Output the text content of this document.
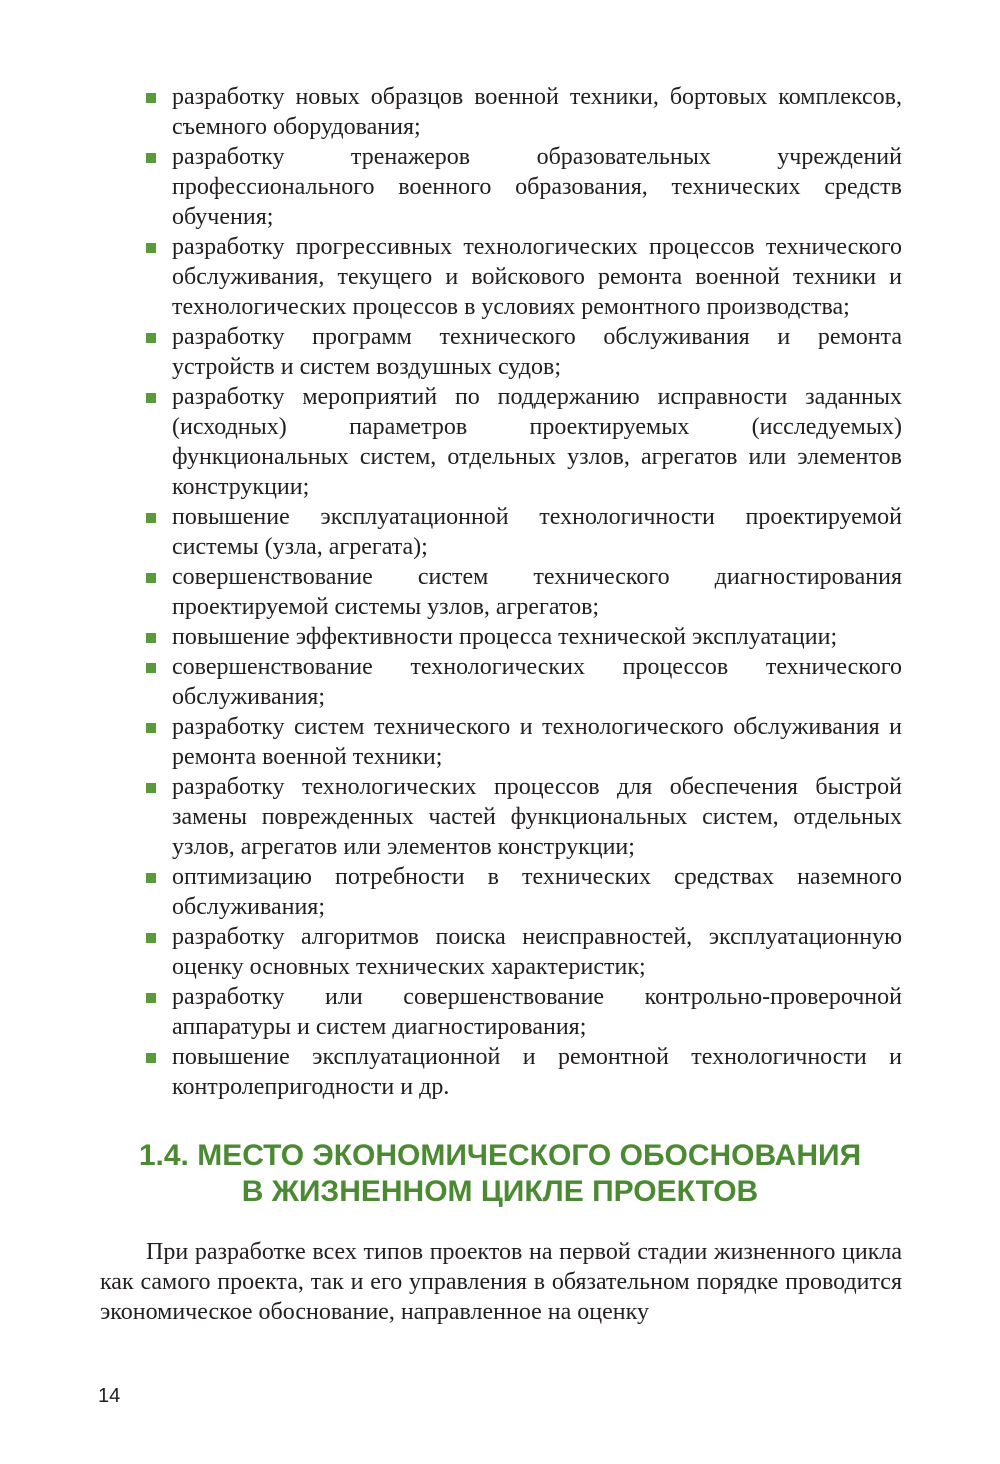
разработку новых образцов военной техники, бортовых комплексов, съемного оборудования;
разработку тренажеров образовательных учреждений профессионального военного образования, технических средств обучения;
разработку прогрессивных технологических процессов технического обслуживания, текущего и войскового ремонта военной техники и технологических процессов в условиях ремонтного производства;
разработку программ технического обслуживания и ремонта устройств и систем воздушных судов;
разработку мероприятий по поддержанию исправности заданных (исходных) параметров проектируемых (исследуемых) функциональных систем, отдельных узлов, агрегатов или элементов конструкции;
повышение эксплуатационной технологичности проектируемой системы (узла, агрегата);
совершенствование систем технического диагностирования проектируемой системы узлов, агрегатов;
повышение эффективности процесса технической эксплуатации;
совершенствование технологических процессов технического обслуживания;
разработку систем технического и технологического обслуживания и ремонта военной техники;
разработку технологических процессов для обеспечения быстрой замены поврежденных частей функциональных систем, отдельных узлов, агрегатов или элементов конструкции;
оптимизацию потребности в технических средствах наземного обслуживания;
разработку алгоритмов поиска неисправностей, эксплуатационную оценку основных технических характеристик;
разработку или совершенствование контрольно-проверочной аппаратуры и систем диагностирования;
повышение эксплуатационной и ремонтной технологичности и контролепригодности и др.
1.4. МЕСТО ЭКОНОМИЧЕСКОГО ОБОСНОВАНИЯ
В ЖИЗНЕННОМ ЦИКЛЕ ПРОЕКТОВ

При разработке всех типов проектов на первой стадии жизненного цикла как самого проекта, так и его управления в обязательном порядке проводится экономическое обоснование, направленное на оценку

14
